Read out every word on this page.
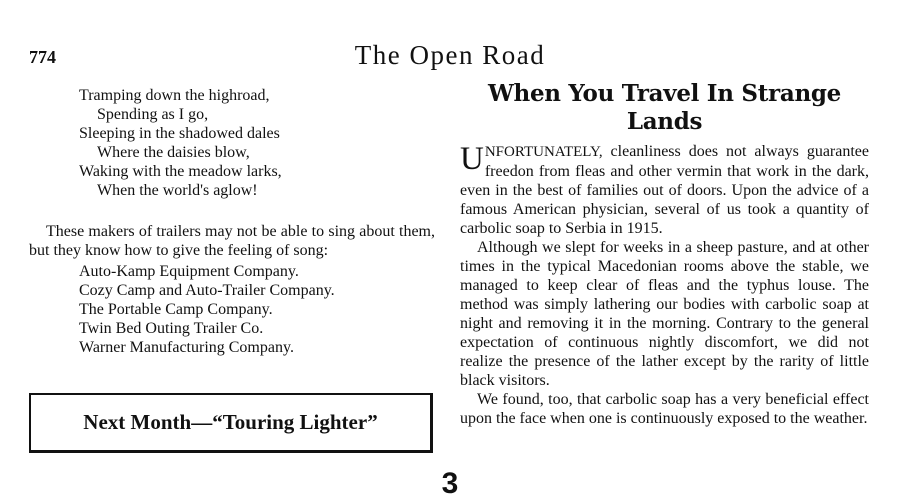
774	The Open Road
Tramping down the highroad,
Spending as I go,
Sleeping in the shadowed dales
Where the daisies blow,
Waking with the meadow larks,
When the world's aglow!

These makers of trailers may not be able to sing about them, but they know how to give the feeling of song:

Auto-Kamp Equipment Company.
Cozy Camp and Auto-Trailer Company.
The Portable Camp Company.
Twin Bed Outing Trailer Co.
Warner Manufacturing Company.
Next Month—“Touring Lighter”
When You Travel In Strange Lands

UNFORTUNATELY, cleanliness does not always guarantee freedon from fleas and other vermin that work in the dark, even in the best of families out of doors. Upon the advice of a famous American physician, several of us took a quantity of carbolic soap to Serbia in 1915.

Although we slept for weeks in a sheep pasture, and at other times in the typical Macedonian rooms above the stable, we managed to keep clear of fleas and the typhus louse. The method was simply lathering our bodies with carbolic soap at night and removing it in the morning. Contrary to the general expectation of continuous nightly discomfort, we did not realize the presence of the lather except by the rarity of little black visitors.

We found, too, that carbolic soap has a very beneficial effect upon the face when one is continuously exposed to the weather.

3
